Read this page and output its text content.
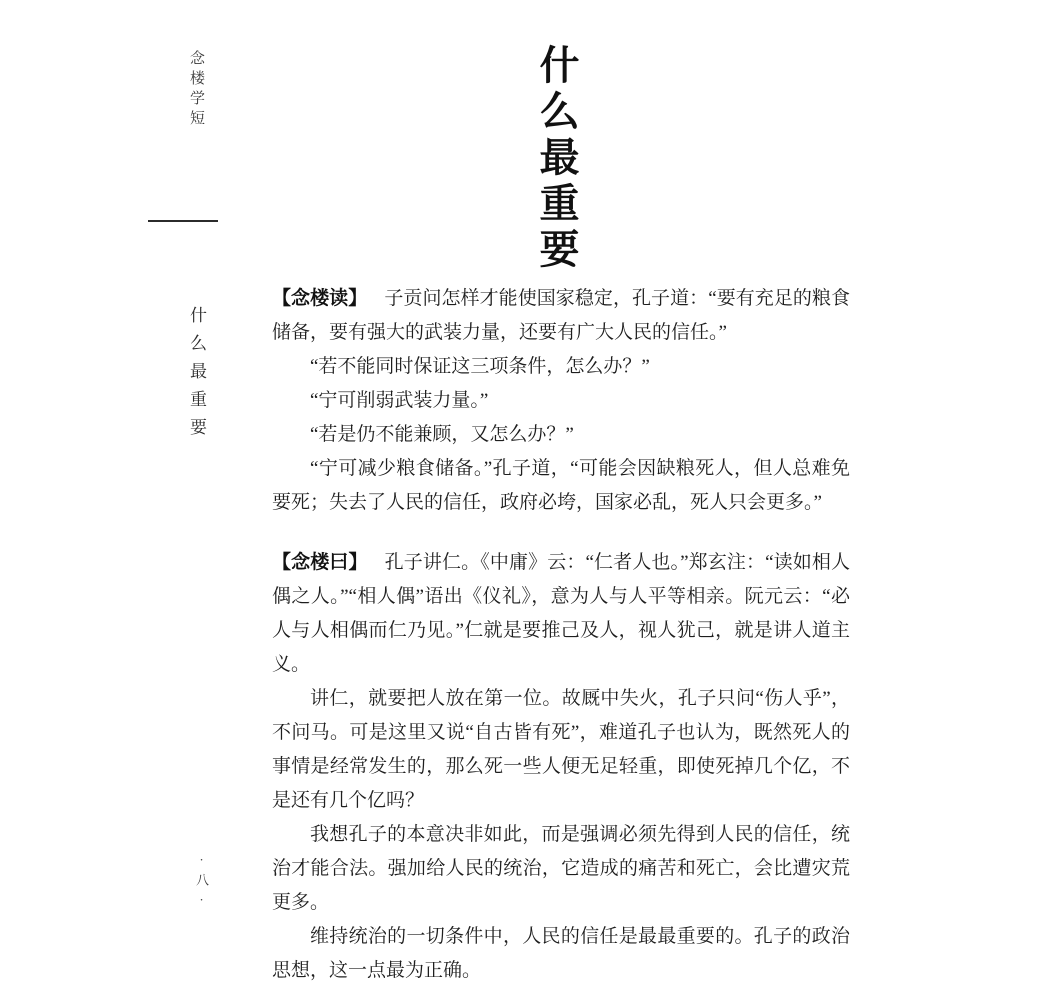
念楼学短
什么最重要
·八·
什么最重要

【念楼读】 子贡问怎样才能使国家稳定，孔子道：“要有充足的粮食储备，要有强大的武装力量，还要有广大人民的信任。”

“若不能同时保证这三项条件，怎么办？”

“宁可削弱武装力量。”

“若是仍不能兼顾，又怎么办？”

“宁可减少粮食储备。”孔子道，“可能会因缺粮死人，但人总难免要死；失去了人民的信任，政府必垮，国家必乱，死人只会更多。”

【念楼曰】 孔子讲仁。《中庸》云：“仁者人也。”郑玄注：“读如相人偶之人。”“相人偶”语出《仪礼》，意为人与人平等相亲。阮元云：“必人与人相偶而仁乃见。”仁就是要推己及人，视人犹己，就是讲人道主义。

讲仁，就要把人放在第一位。故厩中失火，孔子只问“伤人乎”，不问马。可是这里又说“自古皆有死”，难道孔子也认为，既然死人的事情是经常发生的，那么死一些人便无足轻重，即使死掉几个亿，不是还有几个亿吗？

我想孔子的本意决非如此，而是强调必须先得到人民的信任，统治才能合法。强加给人民的统治，它造成的痛苦和死亡，会比遭灾荒更多。

维持统治的一切条件中，人民的信任是最最重要的。孔子的政治思想，这一点最为正确。
